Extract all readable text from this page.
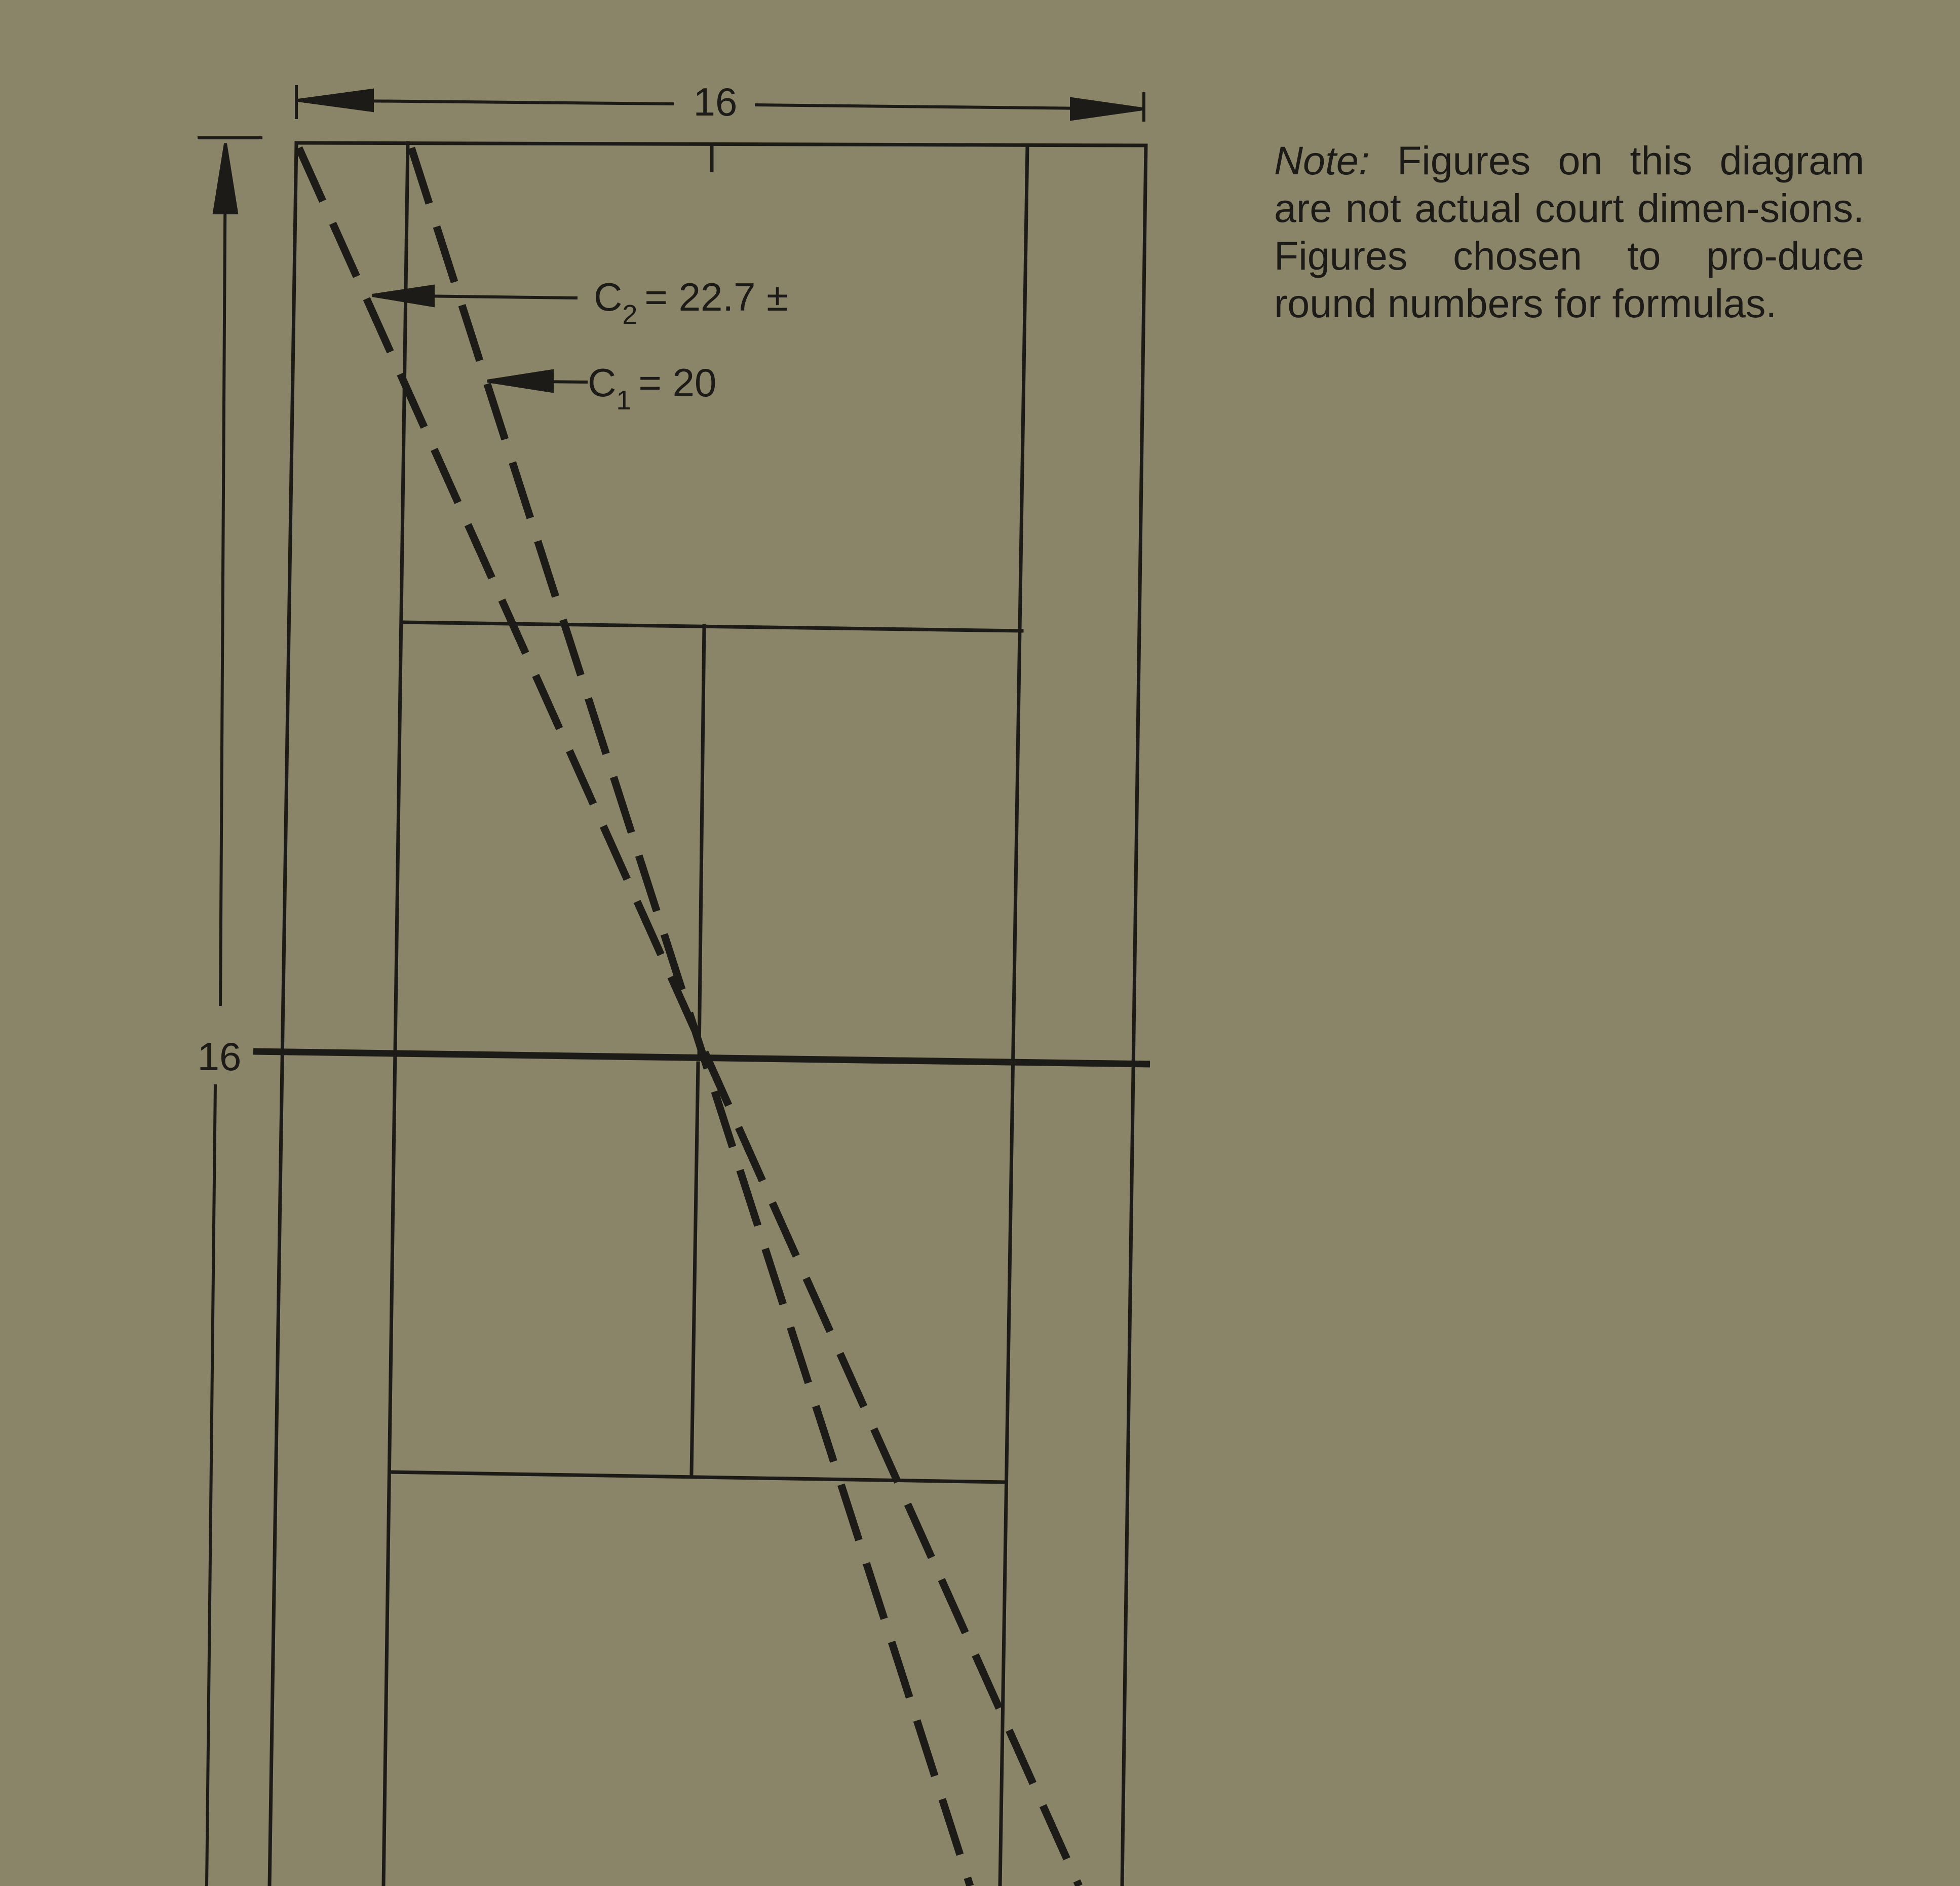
16
16
$C_2 = 22.7$ ±
$C_1 = 20$
Note: Figures on this diagram are not actual court dimen-sions. Figures chosen to pro-duce round numbers for formulas.
